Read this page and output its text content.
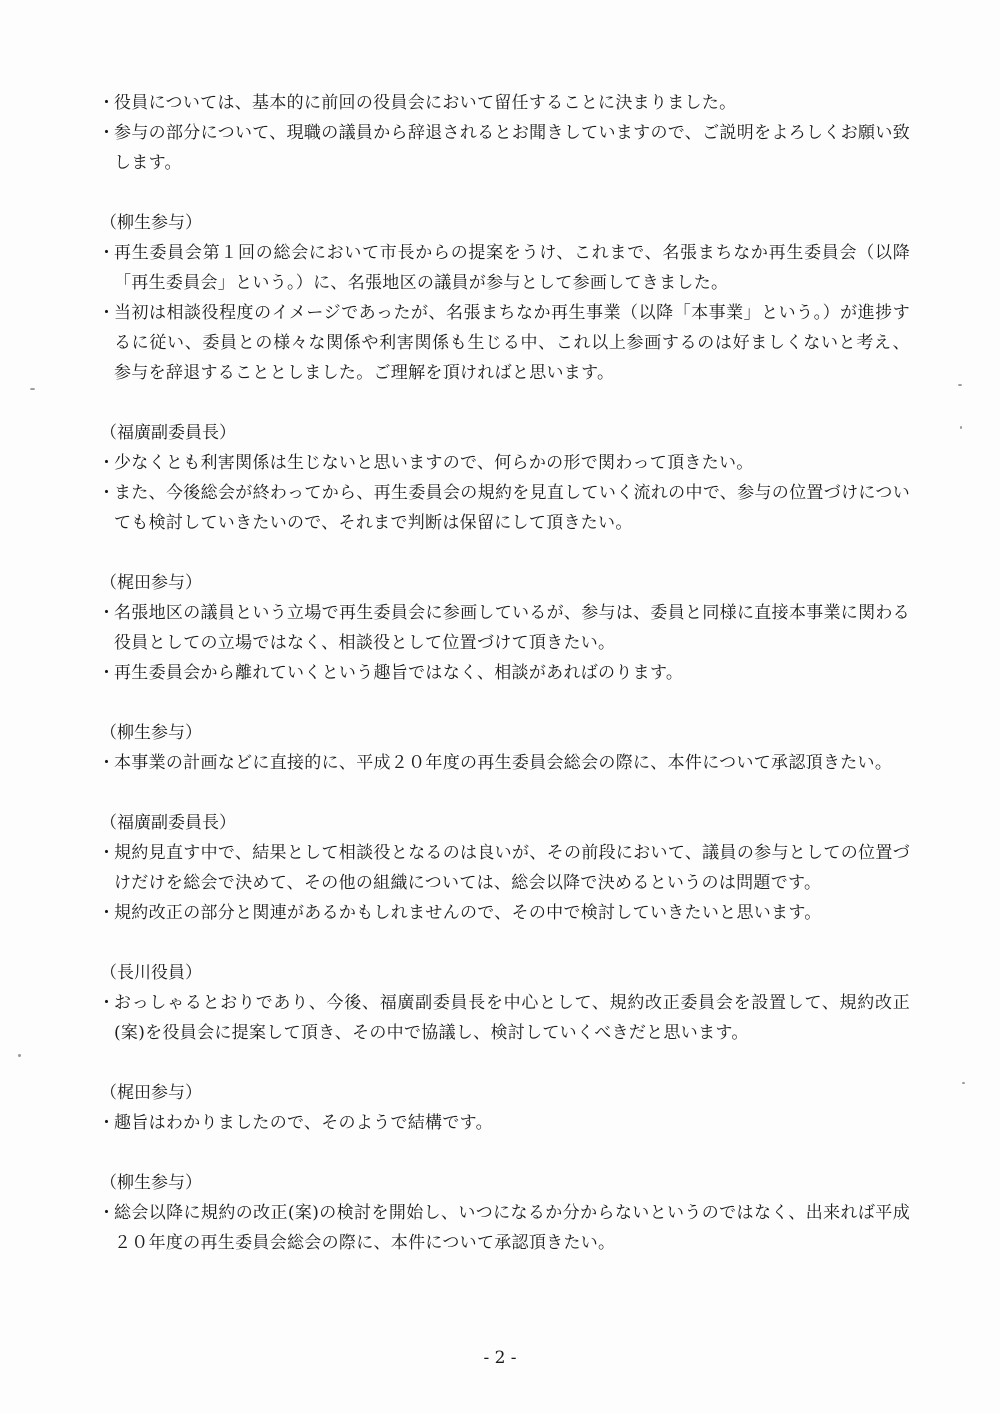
・
役員については、基本的に前回の役員会において留任することに決まりました。
・
参与の部分について、現職の議員から辞退されるとお聞きしていますので、ご説明をよろしくお願い致します。
（柳生参与）
・
再生委員会第１回の総会において市長からの提案をうけ、これまで、名張まちなか再生委員会（以降「再生委員会」という。）に、名張地区の議員が参与として参画してきました。
・
当初は相談役程度のイメージであったが、名張まちなか再生事業（以降「本事業」という。）が進捗するに従い、委員との様々な関係や利害関係も生じる中、これ以上参画するのは好ましくないと考え、参与を辞退することとしました。ご理解を頂ければと思います。
（福廣副委員長）
・
少なくとも利害関係は生じないと思いますので、何らかの形で関わって頂きたい。
・
また、今後総会が終わってから、再生委員会の規約を見直していく流れの中で、参与の位置づけについても検討していきたいので、それまで判断は保留にして頂きたい。
（梶田参与）
・
名張地区の議員という立場で再生委員会に参画しているが、参与は、委員と同様に直接本事業に関わる役員としての立場ではなく、相談役として位置づけて頂きたい。
・
再生委員会から離れていくという趣旨ではなく、相談があればのります。
（柳生参与）
・
本事業の計画などに直接的に、平成２０年度の再生委員会総会の際に、本件について承認頂きたい。
（福廣副委員長）
・
規約見直す中で、結果として相談役となるのは良いが、その前段において、議員の参与としての位置づけだけを総会で決めて、その他の組織については、総会以降で決めるというのは問題です。
・
規約改正の部分と関連があるかもしれませんので、その中で検討していきたいと思います。
（長川役員）
・
おっしゃるとおりであり、今後、福廣副委員長を中心として、規約改正委員会を設置して、規約改正(案)を役員会に提案して頂き、その中で協議し、検討していくべきだと思います。
（梶田参与）
・
趣旨はわかりましたので、そのようで結構です。
（柳生参与）
・
総会以降に規約の改正(案)の検討を開始し、いつになるか分からないというのではなく、出来れば平成２０年度の再生委員会総会の際に、本件について承認頂きたい。
- 2 -
